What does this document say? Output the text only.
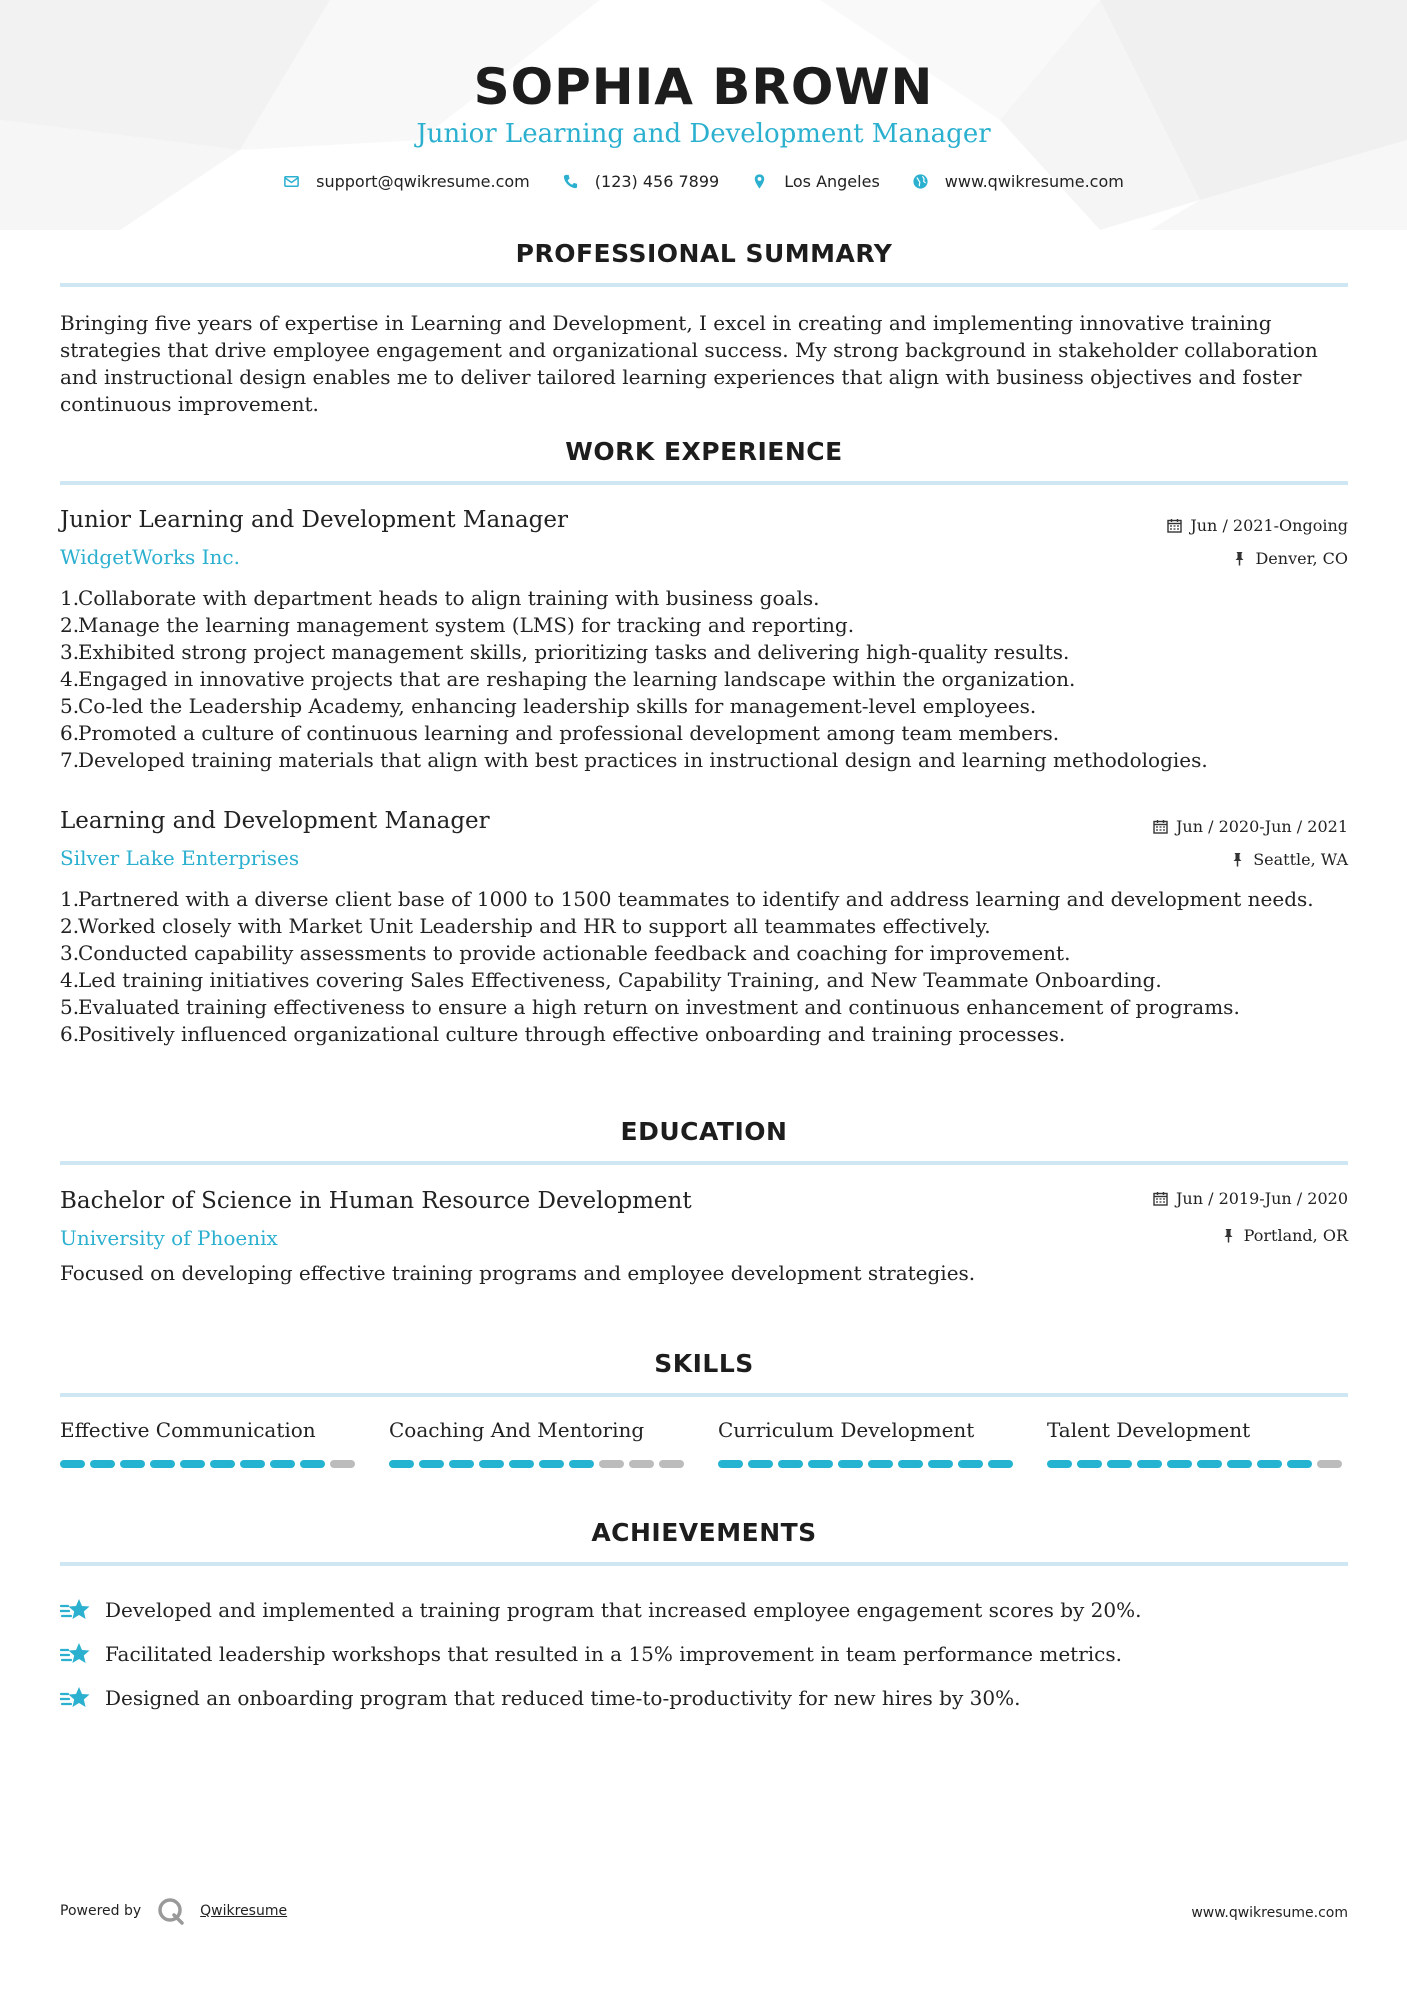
SOPHIA BROWN
Junior Learning and Development Manager
support@qwikresume.com	(123) 456 7899	Los Angeles	www.qwikresume.com
PROFESSIONAL SUMMARY

Bringing five years of expertise in Learning and Development, I excel in creating and implementing innovative training strategies that drive employee engagement and organizational success. My strong background in stakeholder collaboration and instructional design enables me to deliver tailored learning experiences that align with business objectives and foster continuous improvement.

WORK EXPERIENCE
Junior Learning and Development Manager	Jun / 2021-Ongoing
WidgetWorks Inc.	Denver, CO
1.
Collaborate with department heads to align training with business goals.
2.
Manage the learning management system (LMS) for tracking and reporting.
3.
Exhibited strong project management skills, prioritizing tasks and delivering high-quality results.
4.
Engaged in innovative projects that are reshaping the learning landscape within the organization.
5.
Co-led the Leadership Academy, enhancing leadership skills for management-level employees.
6.
Promoted a culture of continuous learning and professional development among team members.
7.
Developed training materials that align with best practices in instructional design and learning methodologies.
Learning and Development Manager	Jun / 2020-Jun / 2021
Silver Lake Enterprises	Seattle, WA
1.
Partnered with a diverse client base of 1000 to 1500 teammates to identify and address learning and development needs.
2.
Worked closely with Market Unit Leadership and HR to support all teammates effectively.
3.
Conducted capability assessments to provide actionable feedback and coaching for improvement.
4.
Led training initiatives covering Sales Effectiveness, Capability Training, and New Teammate Onboarding.
5.
Evaluated training effectiveness to ensure a high return on investment and continuous enhancement of programs.
6.
Positively influenced organizational culture through effective onboarding and training processes.
EDUCATION
Bachelor of Science in Human Resource Development	Jun / 2019-Jun / 2020
University of Phoenix	Portland, OR
Focused on developing effective training programs and employee development strategies.
SKILLS
Effective Communication	Coaching And Mentoring	Curriculum Development	Talent Development
ACHIEVEMENTS
Developed and implemented a training program that increased employee engagement scores by 20%.
Facilitated leadership workshops that resulted in a 15% improvement in team performance metrics.
Designed an onboarding program that reduced time-to-productivity for new hires by 30%.
Powered by	Qwikresume	www.qwikresume.com
